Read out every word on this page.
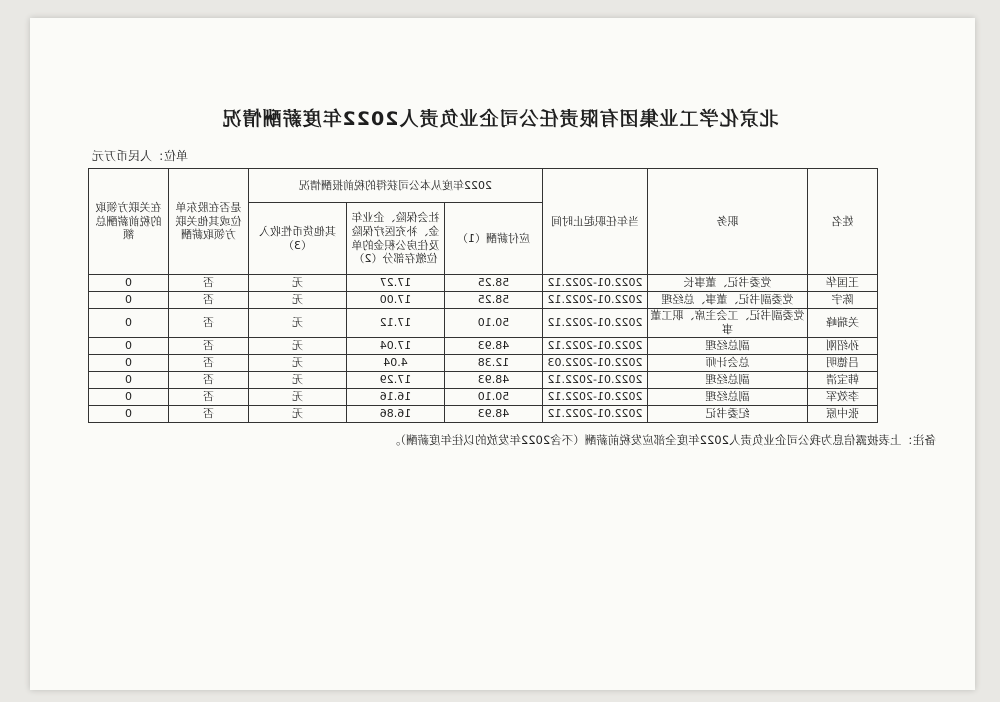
北京化学工业集团有限责任公司企业负责人2022年度薪酬情况
单位：人民币万元
姓名	职务	当年任职起止时间	2022年度从本公司获得的税前报酬情况			是否在股东单位或其他关联方领取薪酬	在关联方领取的税前薪酬总额
			应付薪酬（1）	社会保险、企业年金、补充医疗保险及住房公积金的单位缴存部分（2）	其他货币性收入（3）		
王国华	党委书记、董事长	2022.01-2022.12	58.25	17.27	无	否	0
陈宇	党委副书记、董事、总经理	2022.01-2022.12	58.25	17.00	无	否	0
关瑞峰	党委副书记、工会主席、职工董事	2022.01-2022.12	50.10	17.12	无	否	0
孙绍刚	副总经理	2022.01-2022.12	48.93	17.04	无	否	0
吕德明	总会计师	2022.01-2022.03	12.38	4.04	无	否	0
韩宝清	副总经理	2022.01-2022.12	48.93	17.29	无	否	0
李效军	副总经理	2022.01-2022.12	50.10	16.16	无	否	0
张中原	纪委书记	2022.01-2022.12	48.93	16.86	无	否	0
备注：上表披露信息为我公司企业负责人2022年度全部应发税前薪酬（不含2022年发放的以往年度薪酬）。
